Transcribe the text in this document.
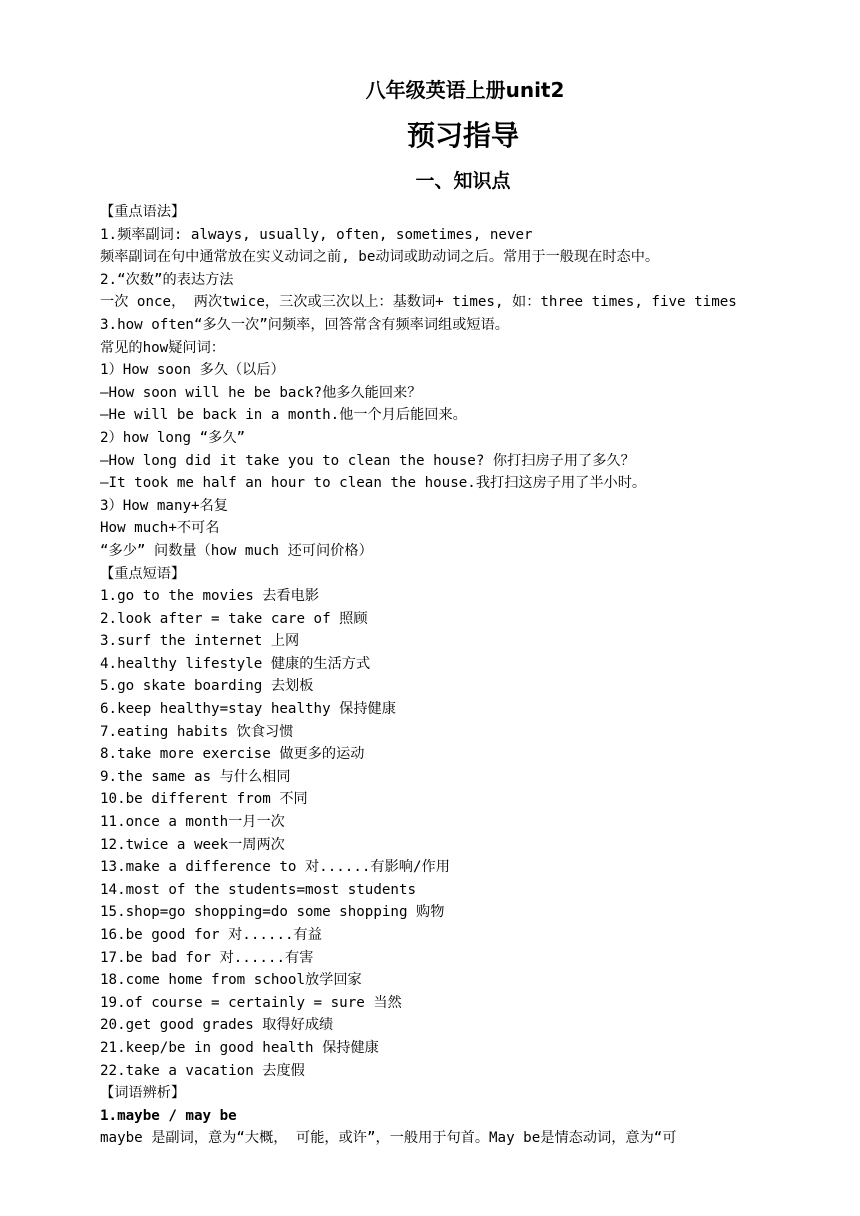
八年级英语上册unit2
预习指导
一、知识点
【重点语法】
1.频率副词: always, usually, often, sometimes, never
频率副词在句中通常放在实义动词之前, be动词或助动词之后。常用于一般现在时态中。
2.“次数”的表达方法
一次 once， 两次twice，三次或三次以上：基数词+ times, 如：three times, five times
3.how often“多久一次”问频率，回答常含有频率词组或短语。
常见的how疑问词：
1）How soon 多久（以后）
—How soon will he be back?他多久能回来？
—He will be back in a month.他一个月后能回来。
2）how long “多久”
—How long did it take you to clean the house? 你打扫房子用了多久？
—It took me half an hour to clean the house.我打扫这房子用了半小时。
3）How many+名复
How much+不可名
“多少” 问数量（how much 还可问价格）
【重点短语】
1.go to the movies 去看电影
2.look after = take care of 照顾
3.surf the internet 上网
4.healthy lifestyle 健康的生活方式
5.go skate boarding 去划板
6.keep healthy=stay healthy 保持健康
7.eating habits 饮食习惯
8.take more exercise 做更多的运动
9.the same as 与什么相同
10.be different from 不同
11.once a month一月一次
12.twice a week一周两次
13.make a difference to 对......有影响/作用
14.most of the students=most students
15.shop=go shopping=do some shopping 购物
16.be good for 对......有益
17.be bad for 对......有害
18.come home from school放学回家
19.of course = certainly = sure 当然
20.get good grades 取得好成绩
21.keep/be in good health 保持健康
22.take a vacation 去度假
【词语辨析】
1.maybe / may be
maybe 是副词，意为“大概， 可能，或许”，一般用于句首。May be是情态动词，意为“可
